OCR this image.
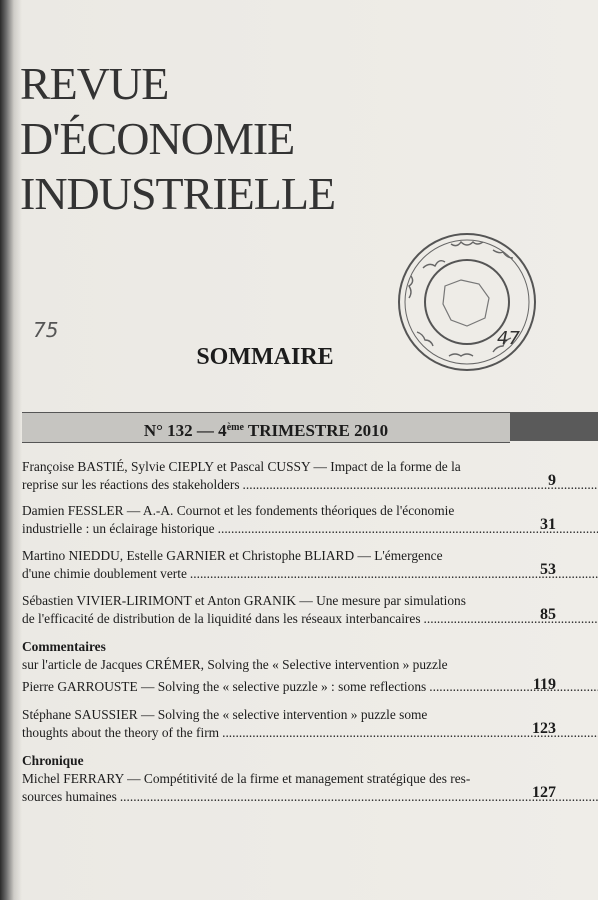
REVUE
D'ÉCONOMIE
INDUSTRIELLE
75	47
SOMMAIRE
N° 132 — 4ème TRIMESTRE 2010
Françoise BASTIÉ, Sylvie CIEPLY et Pascal CUSSY — Impact de la forme de la
reprise sur les réactions des stakeholders .....	9
Damien FESSLER — A.-A. Cournot et les fondements théoriques de l'économie
industrielle : un éclairage historique .....	31
Martino NIEDDU, Estelle GARNIER et Christophe BLIARD — L'émergence
d'une chimie doublement verte .....	53
Sébastien VIVIER-LIRIMONT et Anton GRANIK — Une mesure par simulations
de l'efficacité de distribution de la liquidité dans les réseaux interbancaires .....	85
Commentaires
sur l'article de Jacques CRÉMER, Solving the « Selective intervention » puzzle
Pierre GARROUSTE — Solving the « selective puzzle » : some reflections .....	119
Stéphane SAUSSIER — Solving the « selective intervention » puzzle some
thoughts about the theory of the firm .....	123
Chronique
Michel FERRARY — Compétitivité de la firme et management stratégique des res-
sources humaines .....	127
